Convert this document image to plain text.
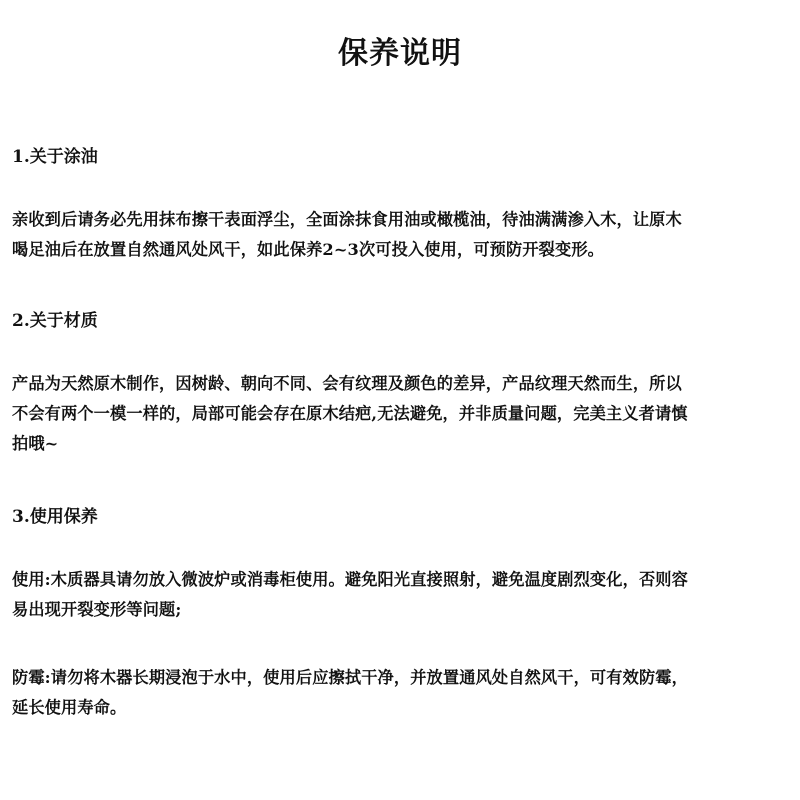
保养说明
1.关于涂油
亲收到后请务必先用抹布擦干表面浮尘，全面涂抹食用油或橄榄油，待油满满渗入木，让原木
喝足油后在放置自然通风处风干，如此保养2~3次可投入使用，可预防开裂变形。
2.关于材质
产品为天然原木制作，因树龄、朝向不同、会有纹理及颜色的差异，产品纹理天然而生，所以
不会有两个一模一样的，局部可能会存在原木结疤,无法避免，并非质量问题，完美主义者请慎
拍哦~
3.使用保养
使用:木质器具请勿放入微波炉或消毒柜使用。避免阳光直接照射，避免温度剧烈变化，否则容
易出现开裂变形等问题;
防霉:请勿将木器长期浸泡于水中，使用后应擦拭干净，并放置通风处自然风干，可有效防霉，
延长使用寿命。
